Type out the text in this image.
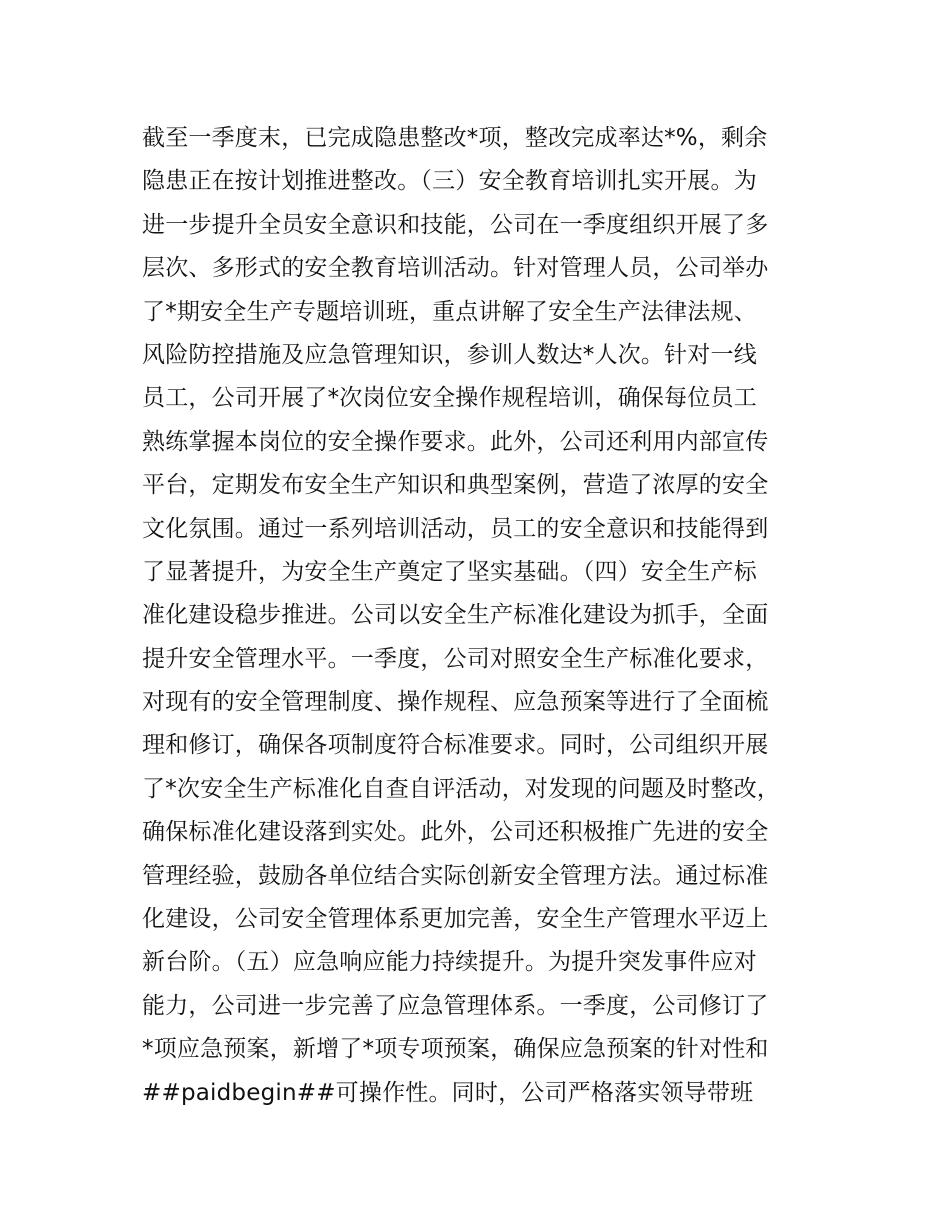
截至一季度末，已完成隐患整改*项，整改完成率达*%，剩余
隐患正在按计划推进整改。（三）安全教育培训扎实开展。为
进一步提升全员安全意识和技能，公司在一季度组织开展了多
层次、多形式的安全教育培训活动。针对管理人员，公司举办
了*期安全生产专题培训班，重点讲解了安全生产法律法规、
风险防控措施及应急管理知识，参训人数达*人次。针对一线
员工，公司开展了*次岗位安全操作规程培训，确保每位员工
熟练掌握本岗位的安全操作要求。此外，公司还利用内部宣传
平台，定期发布安全生产知识和典型案例，营造了浓厚的安全
文化氛围。通过一系列培训活动，员工的安全意识和技能得到
了显著提升，为安全生产奠定了坚实基础。（四）安全生产标
准化建设稳步推进。公司以安全生产标准化建设为抓手，全面
提升安全管理水平。一季度，公司对照安全生产标准化要求，
对现有的安全管理制度、操作规程、应急预案等进行了全面梳
理和修订，确保各项制度符合标准要求。同时，公司组织开展
了*次安全生产标准化自查自评活动，对发现的问题及时整改，
确保标准化建设落到实处。此外，公司还积极推广先进的安全
管理经验，鼓励各单位结合实际创新安全管理方法。通过标准
化建设，公司安全管理体系更加完善，安全生产管理水平迈上
新台阶。（五）应急响应能力持续提升。为提升突发事件应对
能力，公司进一步完善了应急管理体系。一季度，公司修订了
*项应急预案，新增了*项专项预案，确保应急预案的针对性和
##paidbegin##可操作性。同时，公司严格落实领导带班
